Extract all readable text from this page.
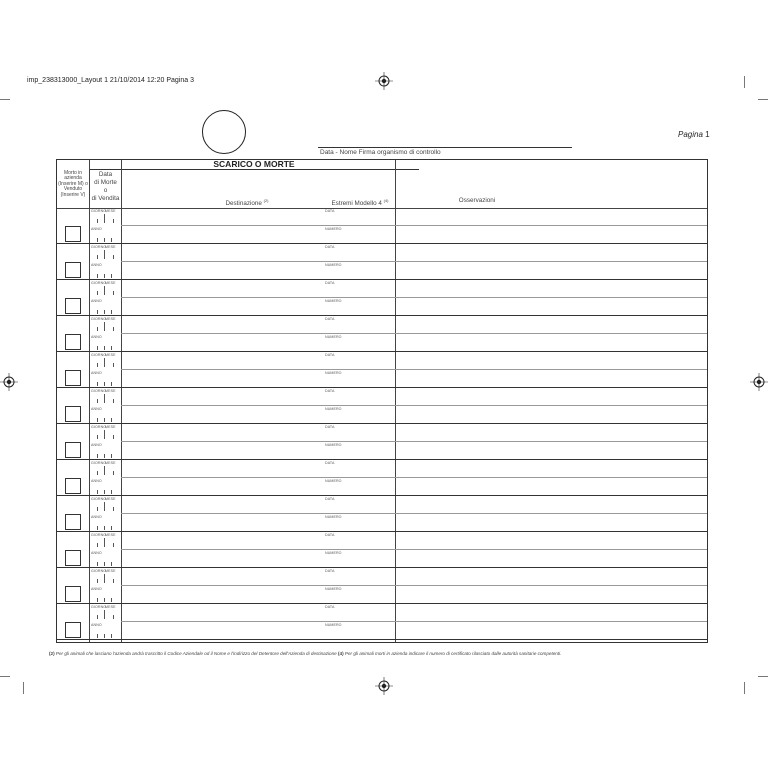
imp_238313000_Layout 1 21/10/2014 12:20 Pagina 3
Data - Nome Firma organismo di controllo
Pagina 1
SCARICO O MORTE
Morto in azienda (Inserire M) o Venduto (Inserire V)
Data
di Morte
o
di Vendita
Destinazione $^{(2)}$	Estremi Modello 4 $^{(4)}$	Osservazioni
GIORNO
MESE
ANNO
DATA
NUMERO
GIORNO
MESE
ANNO
DATA
NUMERO
GIORNO
MESE
ANNO
DATA
NUMERO
GIORNO
MESE
ANNO
DATA
NUMERO
GIORNO
MESE
ANNO
DATA
NUMERO
GIORNO
MESE
ANNO
DATA
NUMERO
GIORNO
MESE
ANNO
DATA
NUMERO
GIORNO
MESE
ANNO
DATA
NUMERO
GIORNO
MESE
ANNO
DATA
NUMERO
GIORNO
MESE
ANNO
DATA
NUMERO
GIORNO
MESE
ANNO
DATA
NUMERO
GIORNO
MESE
ANNO
DATA
NUMERO
(2) Per gli animali che lasciano l'azienda andrà trascritto il Codice Aziendale od il Nome e l'indirizzo del Detentore dell'Azienda di destinazione (4) Per gli animali morti in azienda indicare il numero di certificato rilasciato dalle autorità sanitarie competenti.
